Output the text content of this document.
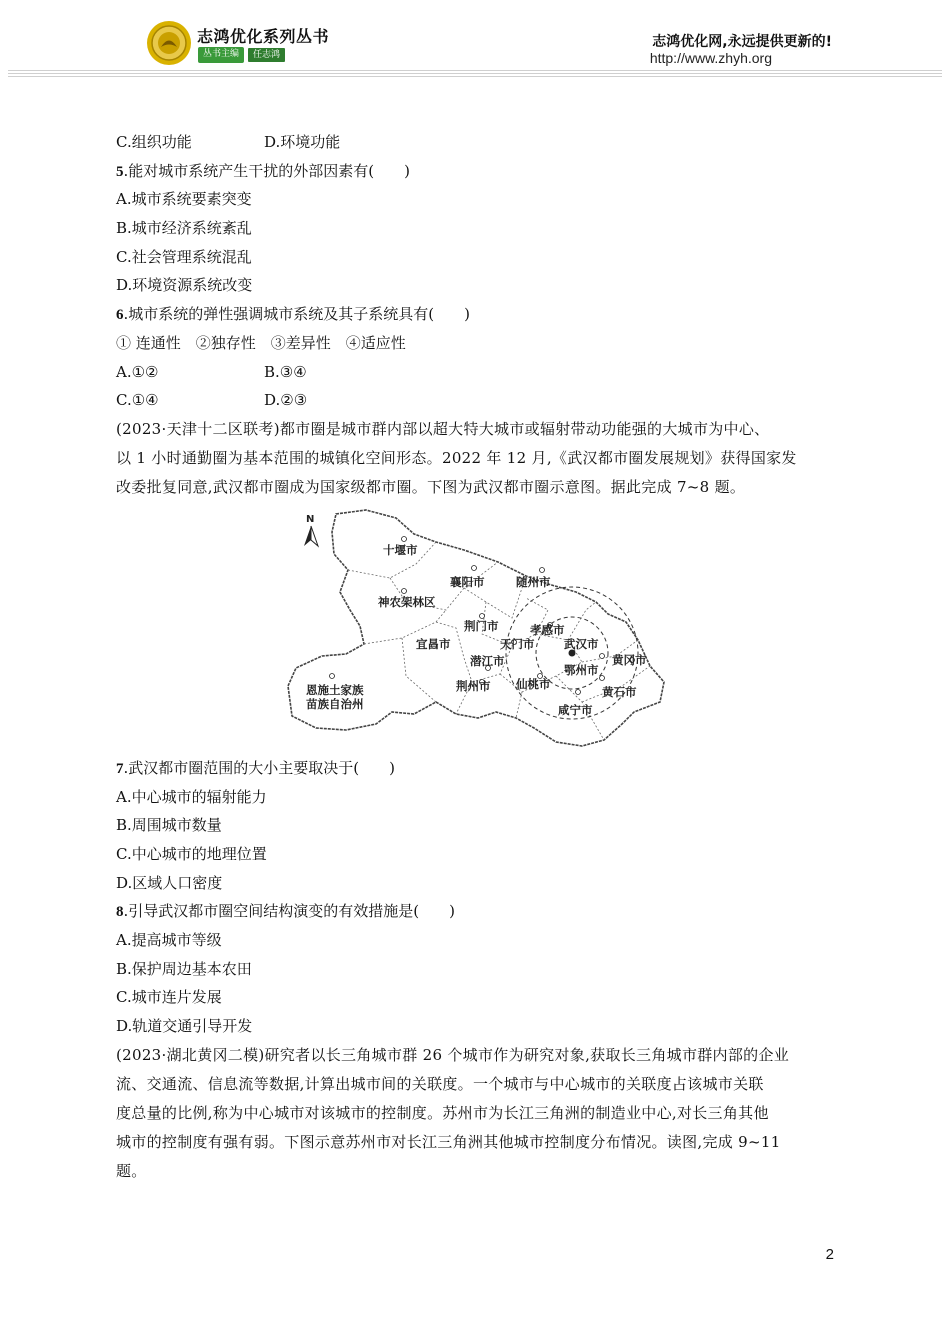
志鸿优化系列丛书
丛书主编	任志鸿
志鸿优化网,永远提供更新的!
http://www.zhyh.org
C.组织功能	D.环境功能
5.能对城市系统产生干扰的外部因素有(　　)
A.城市系统要素突变
B.城市经济系统紊乱
C.社会管理系统混乱
D.环境资源系统改变
6.城市系统的弹性强调城市系统及其子系统具有(　　)
① 连通性　②独存性　③差异性　④适应性
A.①②	B.③④
C.①④	D.②③
(2023·天津十二区联考)都市圈是城市群内部以超大特大城市或辐射带动功能强的大城市为中心、
以 1 小时通勤圈为基本范围的城镇化空间形态。2022 年 12 月,《武汉都市圈发展规划》获得国家发
改委批复同意,武汉都市圈成为国家级都市圈。下图为武汉都市圈示意图。据此完成 7~8 题。
N
十堰市
襄阳市	随州市
神农架林区
荆门市	孝感市
宜昌市	天门市	武汉市
潜江市
鄂州市
黄冈市
恩施土家族
苗族自治州
荆州市 仙桃市
黄石市
咸宁市
7.武汉都市圈范围的大小主要取决于(　　)
A.中心城市的辐射能力
B.周围城市数量
C.中心城市的地理位置
D.区域人口密度
8.引导武汉都市圈空间结构演变的有效措施是(　　)
A.提高城市等级
B.保护周边基本农田
C.城市连片发展
D.轨道交通引导开发
(2023·湖北黄冈二模)研究者以长三角城市群 26 个城市作为研究对象,获取长三角城市群内部的企业
流、交通流、信息流等数据,计算出城市间的关联度。一个城市与中心城市的关联度占该城市关联
度总量的比例,称为中心城市对该城市的控制度。苏州市为长江三角洲的制造业中心,对长三角其他
城市的控制度有强有弱。下图示意苏州市对长江三角洲其他城市控制度分布情况。读图,完成 9~11
题。
2
